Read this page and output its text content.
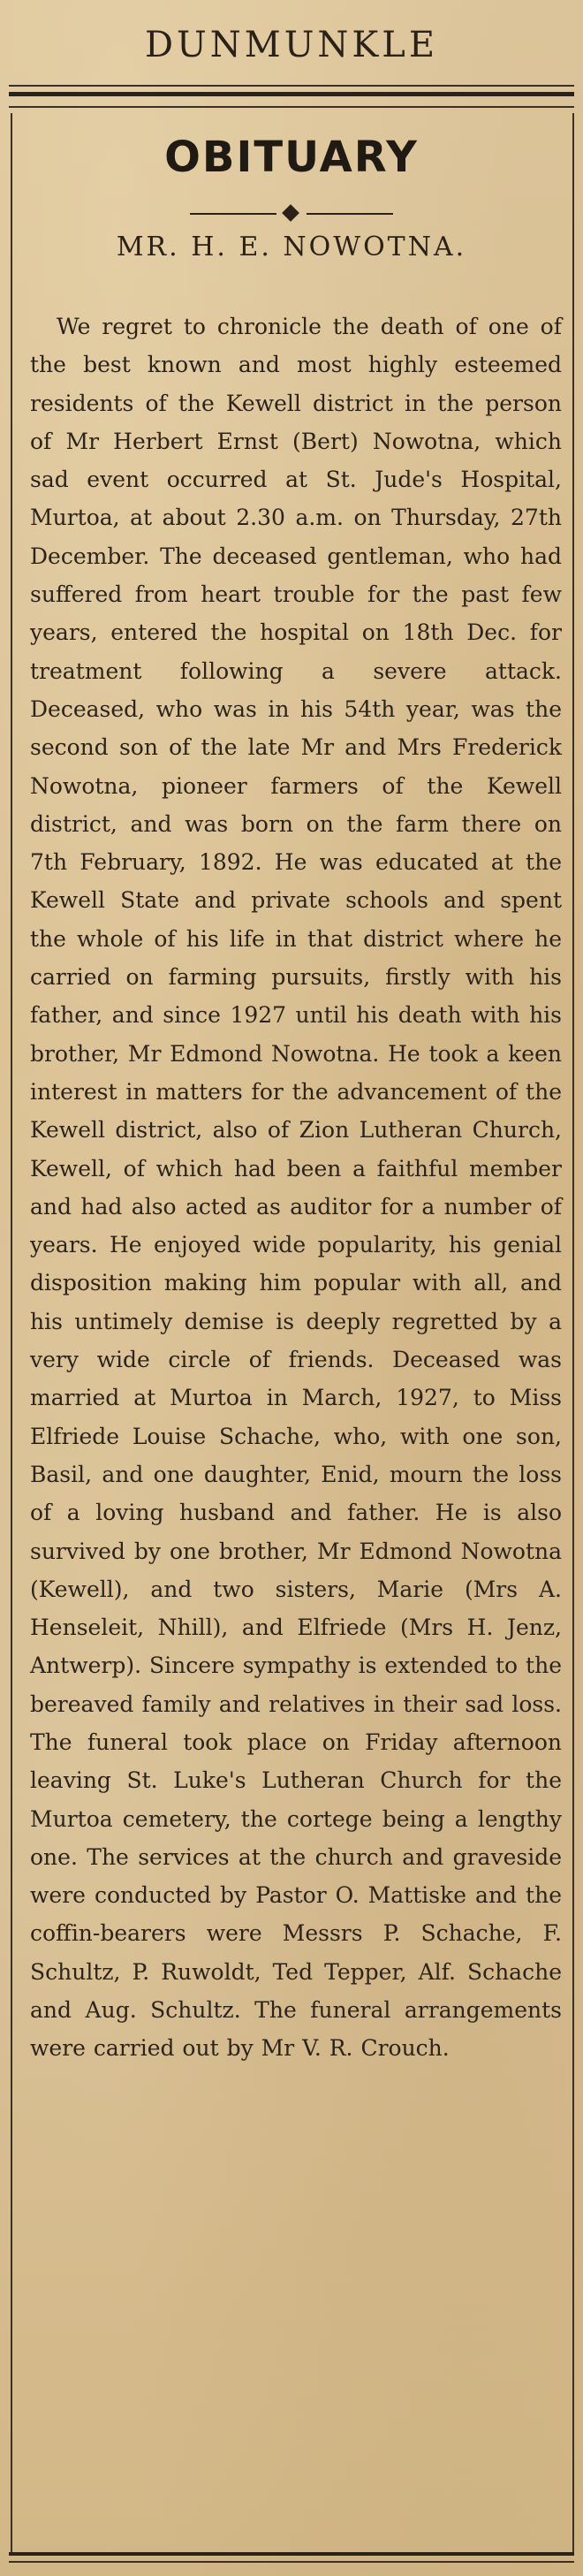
DUNMUNKLE
OBITUARY
MR. H. E. NOWOTNA.
We regret to chronicle the death of one of the best known and most highly esteemed residents of the Kewell district in the person of Mr Herbert Ernst (Bert) Nowotna, which sad event occurred at St. Jude's Hospital, Murtoa, at about 2.30 a.m. on Thursday, 27th December. The deceased gentleman, who had suffered from heart trouble for the past few years, entered the hospital on 18th Dec. for treatment following a severe attack. Deceased, who was in his 54th year, was the second son of the late Mr and Mrs Frederick Nowotna, pioneer farmers of the Kewell district, and was born on the farm there on 7th February, 1892. He was educated at the Kewell State and private schools and spent the whole of his life in that district where he carried on farming pursuits, firstly with his father, and since 1927 until his death with his brother, Mr Edmond Nowotna. He took a keen interest in matters for the advancement of the Kewell district, also of Zion Lutheran Church, Kewell, of which had been a faithful member and had also acted as auditor for a number of years. He enjoyed wide popularity, his genial disposition making him popular with all, and his untimely demise is deeply regretted by a very wide circle of friends. Deceased was married at Murtoa in March, 1927, to Miss Elfriede Louise Schache, who, with one son, Basil, and one daughter, Enid, mourn the loss of a loving husband and father. He is also survived by one brother, Mr Edmond Nowotna (Kewell), and two sisters, Marie (Mrs A. Henseleit, Nhill), and Elfriede (Mrs H. Jenz, Antwerp). Sincere sympathy is extended to the bereaved family and relatives in their sad loss. The funeral took place on Friday afternoon leaving St. Luke's Lutheran Church for the Murtoa cemetery, the cortege being a lengthy one. The services at the church and graveside were conducted by Pastor O. Mattiske and the coffin-bearers were Messrs P. Schache, F. Schultz, P. Ruwoldt, Ted Tepper, Alf. Schache and Aug. Schultz. The funeral arrangements were carried out by Mr V. R. Crouch.
